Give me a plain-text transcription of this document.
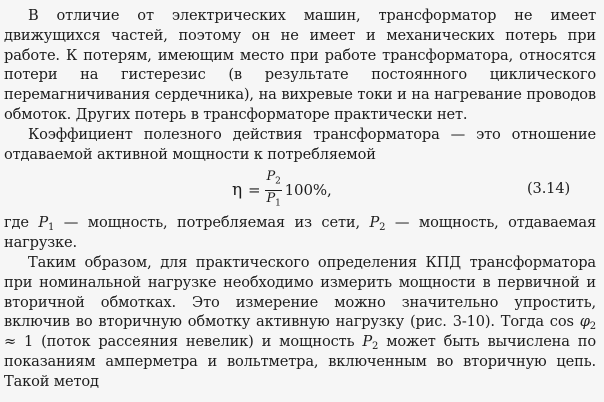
В отличие от электрических машин, трансформатор не имеет движущихся частей, поэтому он не имеет и механических потерь при работе. К потерям, имеющим место при работе трансформатора, относятся потери на гистерезис (в результате постоянного циклического перемагничивания сердечника), на вихревые токи и на нагревание проводов обмоток. Других потерь в трансформаторе практически нет.

Коэффициент полезного действия трансформатора — это отношение отдаваемой активной мощности к потребляемой

$\eta = \frac{P_2}{P_1} 100\%$,	(3.14)

где $P_1$ — мощность, потребляемая из сети, $P_2$ — мощность, отдаваемая нагрузке.

Таким образом, для практического определения КПД трансформатора при номинальной нагрузке необходимо измерить мощности в первичной и вторичной обмотках. Это измерение можно значительно упростить, включив во вторичную обмотку активную нагрузку (рис. 3-10). Тогда $\cos \varphi_2 \approx 1$ (поток рассеяния невелик) и мощность $P_2$ может быть вычислена по показаниям амперметра и вольтметра, включенным во вторичную цепь. Такой метод
